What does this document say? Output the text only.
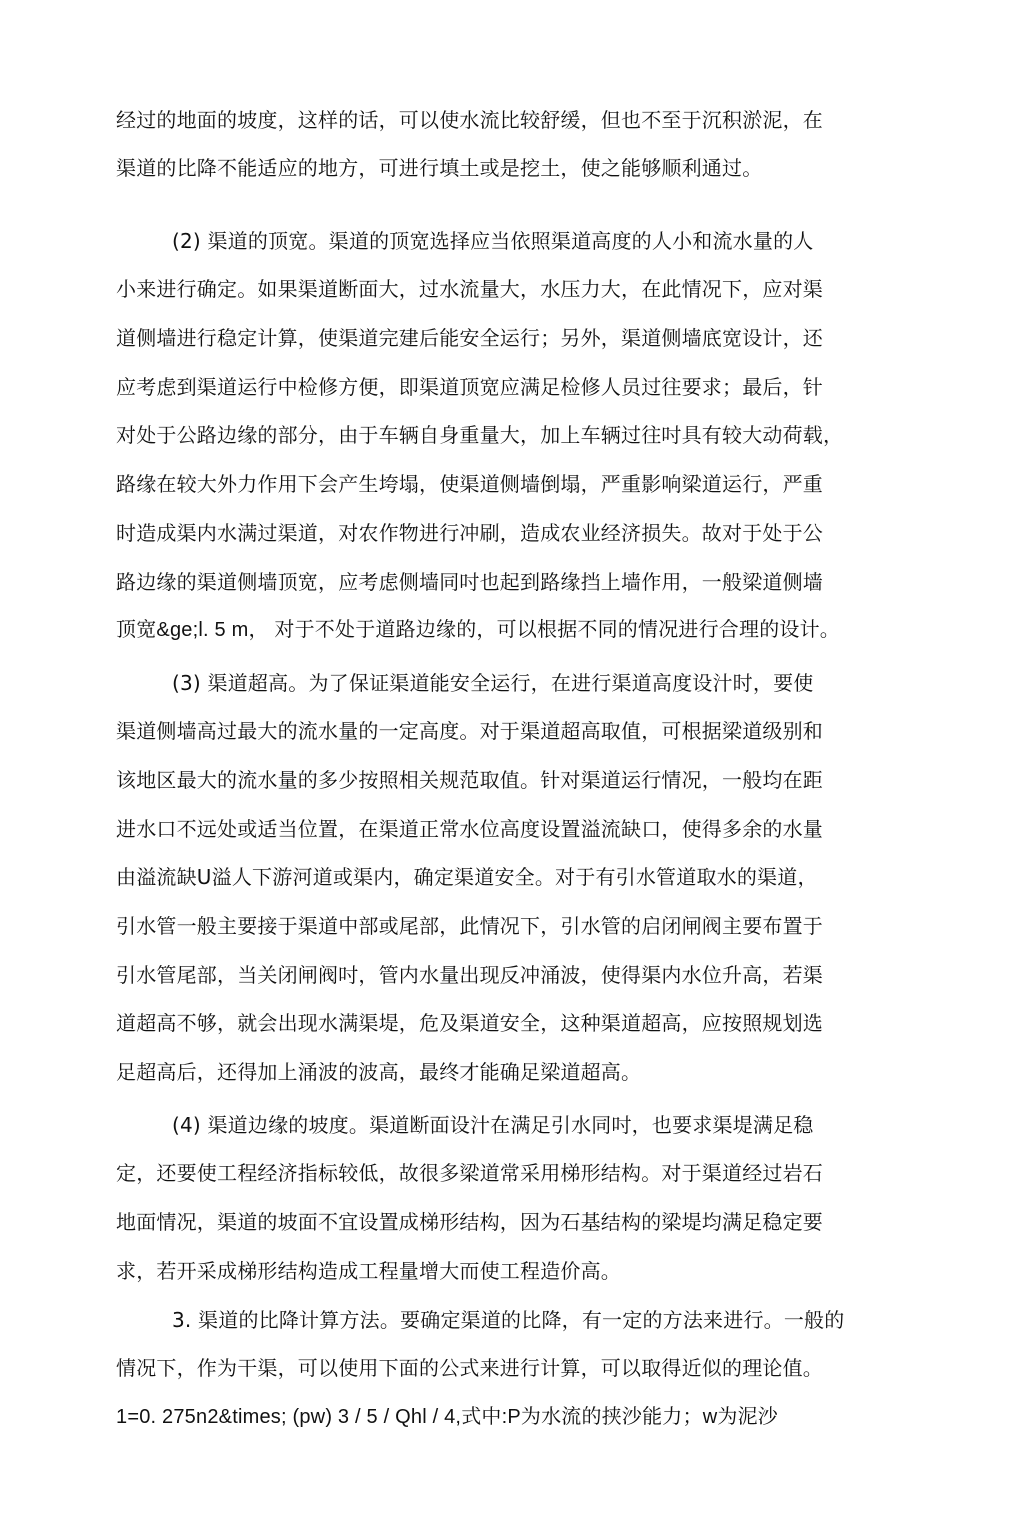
经过的地面的坡度，这样的话，可以使水流比较舒缓，但也不至于沉积淤泥，在
渠道的比降不能适应的地方，可进行填土或是挖土，使之能够顺利通过。
(2) 渠道的顶宽。渠道的顶宽选择应当依照渠道高度的人小和流水量的人
小来进行确定。如果渠道断面大，过水流量大，水压力大，在此情况下，应对渠
道侧墙进行稳定计算，使渠道完建后能安全运行；另外，渠道侧墙底宽设计，还
应考虑到渠道运行中检修方便，即渠道顶宽应满足检修人员过往要求；最后，针
对处于公路边缘的部分，由于车辆自身重量大，加上车辆过往吋具有较大动荷载，
路缘在较大外力作用下会产生垮塌，使渠道侧墙倒塌，严重影响梁道运行，严重
时造成渠内水满过渠道，对农作物进行冲刷，造成农业经济损失。故对于处于公
路边缘的渠道侧墙顶宽，应考虑侧墙同吋也起到路缘挡上墙作用，一般梁道侧墙
顶宽&ge;l. 5 m， 对于不处于道路边缘的，可以根据不同的情况进行合理的设计。
(3) 渠道超高。为了保证渠道能安全运行，在进行渠道高度设汁时，要使
渠道侧墙高过最大的流水量的一定高度。对于渠道超高取值，可根据梁道级别和
该地区最大的流水量的多少按照相关规范取值。针对渠道运行情况，一般均在距
进水口不远处或适当位置，在渠道正常水位高度设置溢流缺口，使得多余的水量
由溢流缺U溢人下游河道或渠内，确定渠道安全。对于有引水管道取水的渠道，
引水管一般主要接于渠道中部或尾部，此情况下，引水管的启闭闸阀主要布置于
引水管尾部，当关闭闸阀吋，管内水量出现反冲涌波，使得渠内水位升高，若渠
道超高不够，就会出现水满渠堤，危及渠道安全，这种渠道超高，应按照规划选
足超高后，还得加上涌波的波高，最终才能确足梁道超高。
(4) 渠道边缘的坡度。渠道断面设汁在满足引水同吋，也要求渠堤满足稳
定，还要使工程经济指标较低，故很多梁道常采用梯形结构。对于渠道经过岩石
地面情况，渠道的坡面不宜设置成梯形结构，因为石基结构的梁堤均满足稳定要
求，若开采成梯形结构造成工程量增大而使工程造价高。
3. 渠道的比降计算方法。要确定渠道的比降，有一定的方法来进行。一般的
情况下，作为干渠，可以使用下面的公式来进行计算，可以取得近似的理论值。
1=0. 275n2&times; (pw) 3 / 5 / Qhl / 4,式中:P为水流的挟沙能力；w为泥沙
